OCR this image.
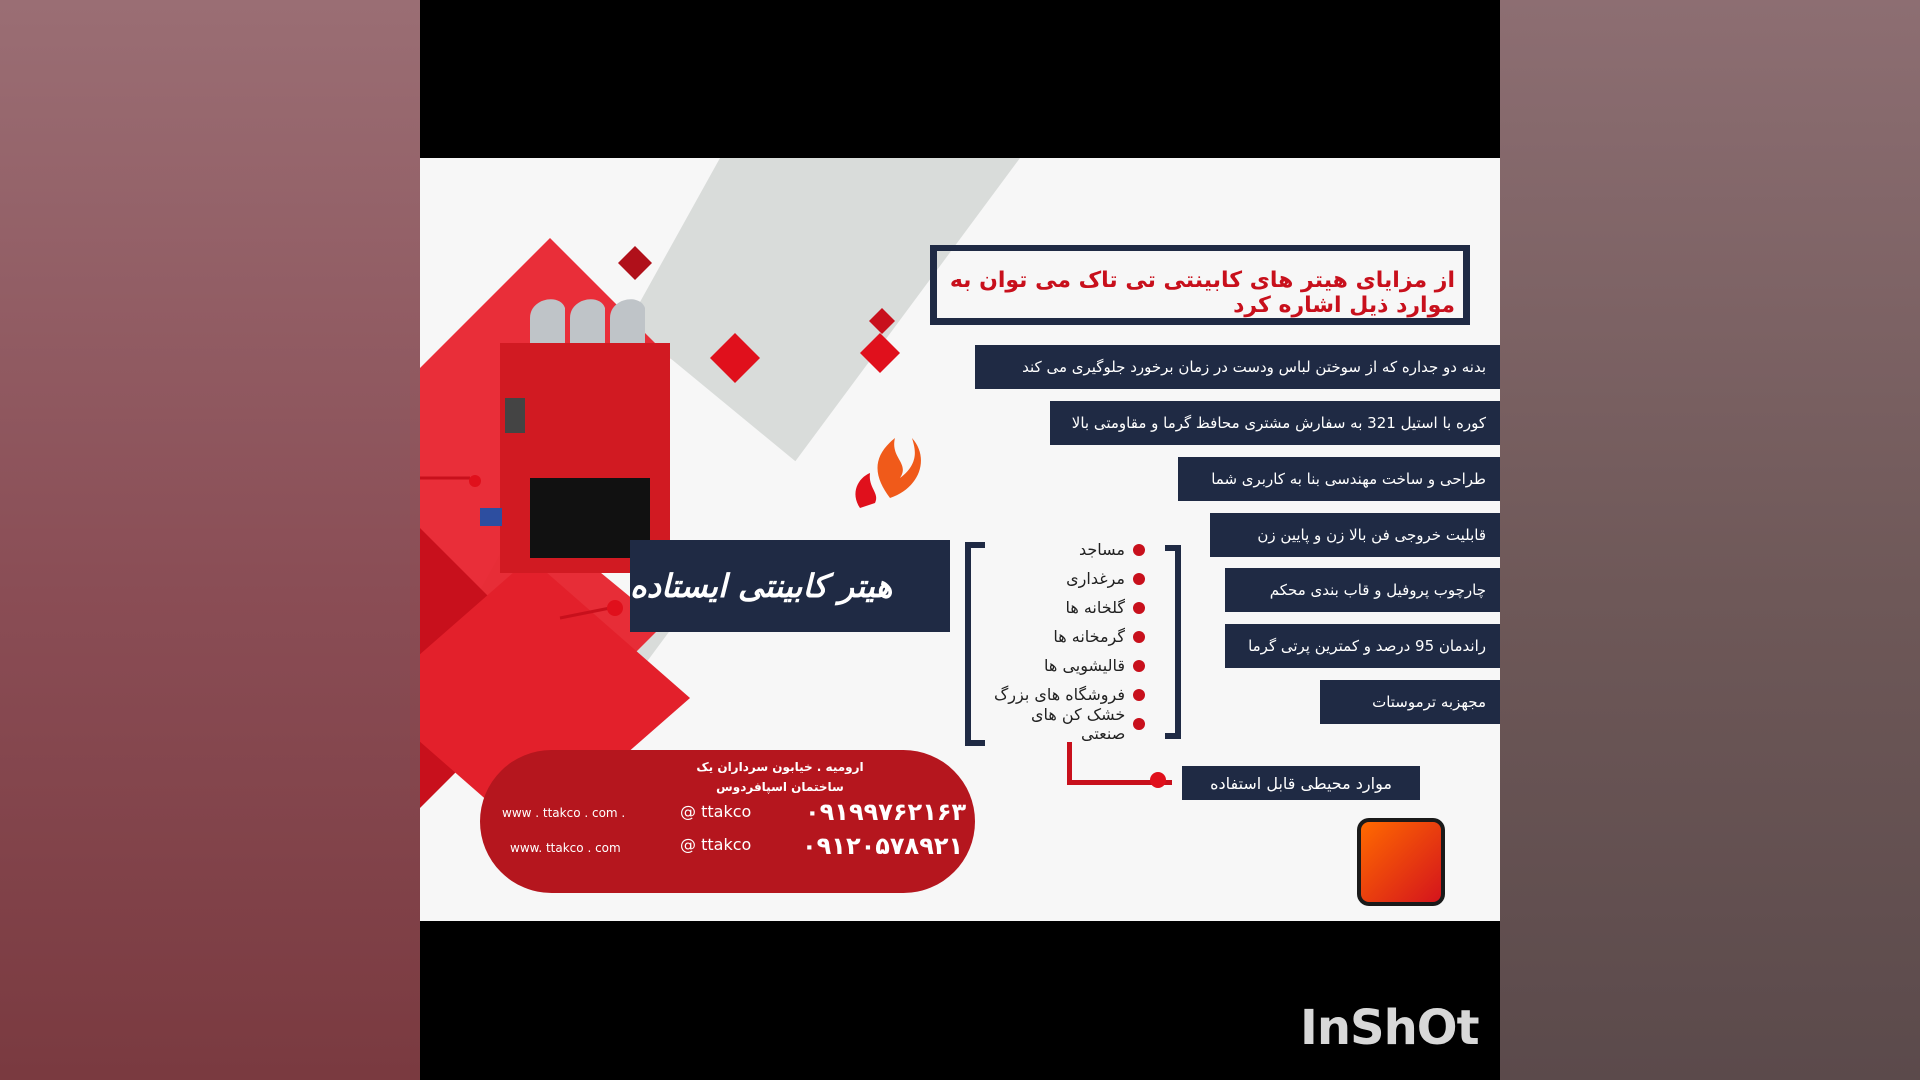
از مزایای هیتر های کابینتی تی تاک می توان به موارد ذیل اشاره کرد
بدنه دو جداره که از سوختن لباس ودست در زمان برخورد جلوگیری می کند
کوره با استیل 321 به سفارش مشتری محافظ گرما و مقاومتی بالا
طراحی و ساخت مهندسی بنا به کاربری شما
قابلیت خروجی فن بالا زن و پایین زن
چارچوب پروفیل و قاب بندی محکم
راندمان 95 درصد و کمترین پرتی گرما
مجهزبه ترموستات
مساجد
مرغداری
گلخانه ها
گرمخانه ها
قالیشویی ها
فروشگاه های بزرگ
خشک کن های صنعتی
موارد محیطی قابل استفاده
هیتر کابینتی ایستاده
ارومیه . خیابون سرداران یک
ساختمان اسپافردوس
www . ttakco . com .
www. ttakco . com
@ ttakco
@ ttakco
۰۹۱۹۹۷۶۲۱۶۳
۰۹۱۲۰۵۷۸۹۲۱
InShOt
